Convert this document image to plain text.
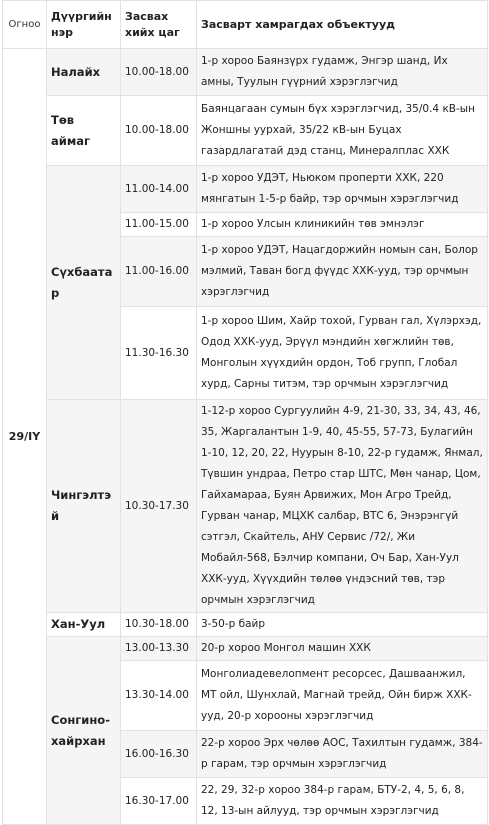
Огноо	Дүүргийн нэр	Засвах хийх цаг	Засварт хамрагдах объектууд
29/IY	Налайх	10.00-18.00	1-р хороо Баянзүрх гудамж, Энгэр шанд, Их амны, Туулын гүүрний хэрэглэгчид
	Төв аймаг	10.00-18.00	Баянцагаан сумын бүх хэрэглэгчид, 35/0.4 кВ-ын Жоншны уурхай, 35/22 кВ-ын Буцах газардлагатай дэд станц, Минералплас ХХК
	Сүхбаатар	11.00-14.00	1-р хороо УДЭТ, Ньюком проперти ХХК, 220 мянгатын 1-5-р байр, тэр орчмын хэрэглэгчид
		11.00-15.00	1-р хороо Улсын клиникийн төв эмнэлэг
		11.00-16.00	1-р хороо УДЭТ, Нацагдоржийн номын сан, Болор мэлмий, Таван богд фүүдс ХХК-ууд, тэр орчмын хэрэглэгчид
		11.30-16.30	1-р хороо Шим, Хайр тохой, Гурван гал, Хүлэрхэд, Одод ХХК-ууд, Эрүүл мэндийн хөгжлийн төв, Монголын хүүхдийн ордон, Тоб групп, Глобал хурд, Сарны титэм, тэр орчмын хэрэглэгчид
	Чингэлтэй	10.30-17.30	1-12-р хороо Сургуулийн 4-9, 21-30, 33, 34, 43, 46, 35, Жаргалантын 1-9, 40, 45-55, 57-73, Булагийн 1-10, 12, 20, 22, Нуурын 8-10, 22-р гудамж, Янмал, Түвшин ундраа, Петро стар ШТС, Мөн чанар, Цом, Гайхамараа, Буян Арвижих, Мон Агро Трейд, Гурван чанар, МЦХК салбар, ВТС 6, Энэрэнгүй сэтгэл, Скайтель, АНУ Сервис /72/, Жи Мобайл-568, Бэлчир компани, Оч Бар, Хан-Уул ХХК-ууд, Хүүхдийн төлөө үндэсний төв, тэр орчмын хэрэглэгчид
	Хан-Уул	10.30-18.00	3-50-р байр
	Сонгино-хайрхан	13.00-13.30	20-р хороо Монгол машин ХХК
		13.30-14.00	Монголиадевелопмент ресорсес, Дашваанжил, МТ ойл, Шунхлай, Магнай трейд, Ойн бирж ХХК-ууд, 20-р хорооны хэрэглэгчид
		16.00-16.30	22-р хороо Эрх чөлөө АОС, Тахилтын гудамж, 384-р гарам, тэр орчмын хэрэглэгчид
		16.30-17.00	22, 29, 32-р хороо 384-р гарам, БТУ-2, 4, 5, 6, 8, 12, 13-ын айлууд, тэр орчмын хэрэглэгчид
